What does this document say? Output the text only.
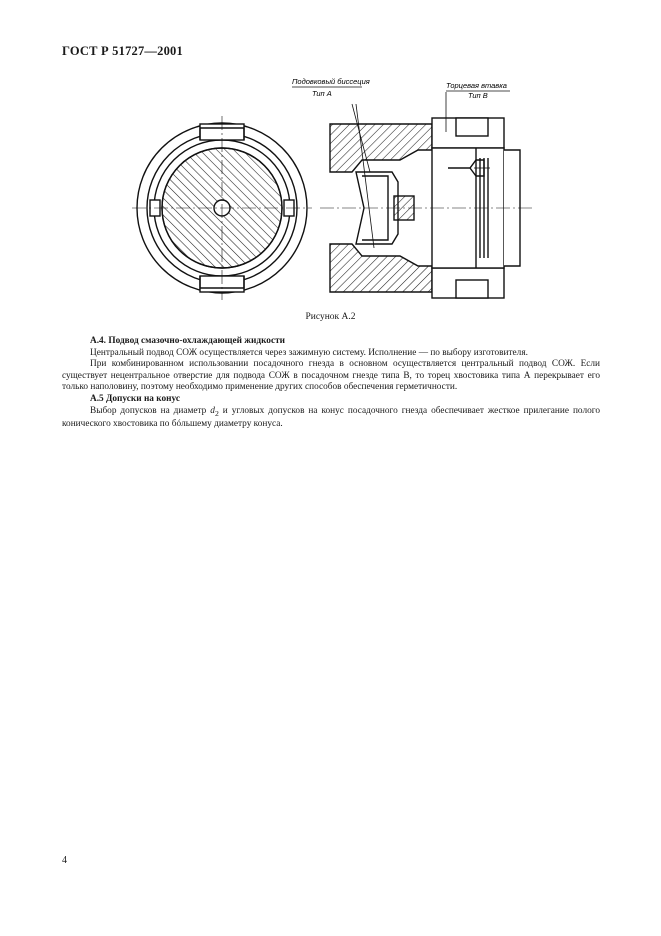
ГОСТ Р 51727—2001
Подовковый биссеция
Тип А
Торцевая втавка
Тип В
Рисунок А.2
А.4. Подвод смазочно-охлаждающей жидкости

Центральный подвод СОЖ осуществляется через зажимную систему. Исполнение — по выбору изготовителя.

При комбинированном использовании посадочного гнезда в основном осуществляется центральный подвод СОЖ. Если существует нецентральное отверстие для подвода СОЖ в посадочном гнезде типа В, то торец хвостовика типа А перекрывает его только наполовину, поэтому необходимо применение других способов обеспечения герметичности.

А.5 Допуски на конус

Выбор допусков на диаметр $d_2$ и угловых допусков на конус посадочного гнезда обеспечивает жесткое прилегание полого конического хвостовика по бóльшему диаметру конуса.

4
